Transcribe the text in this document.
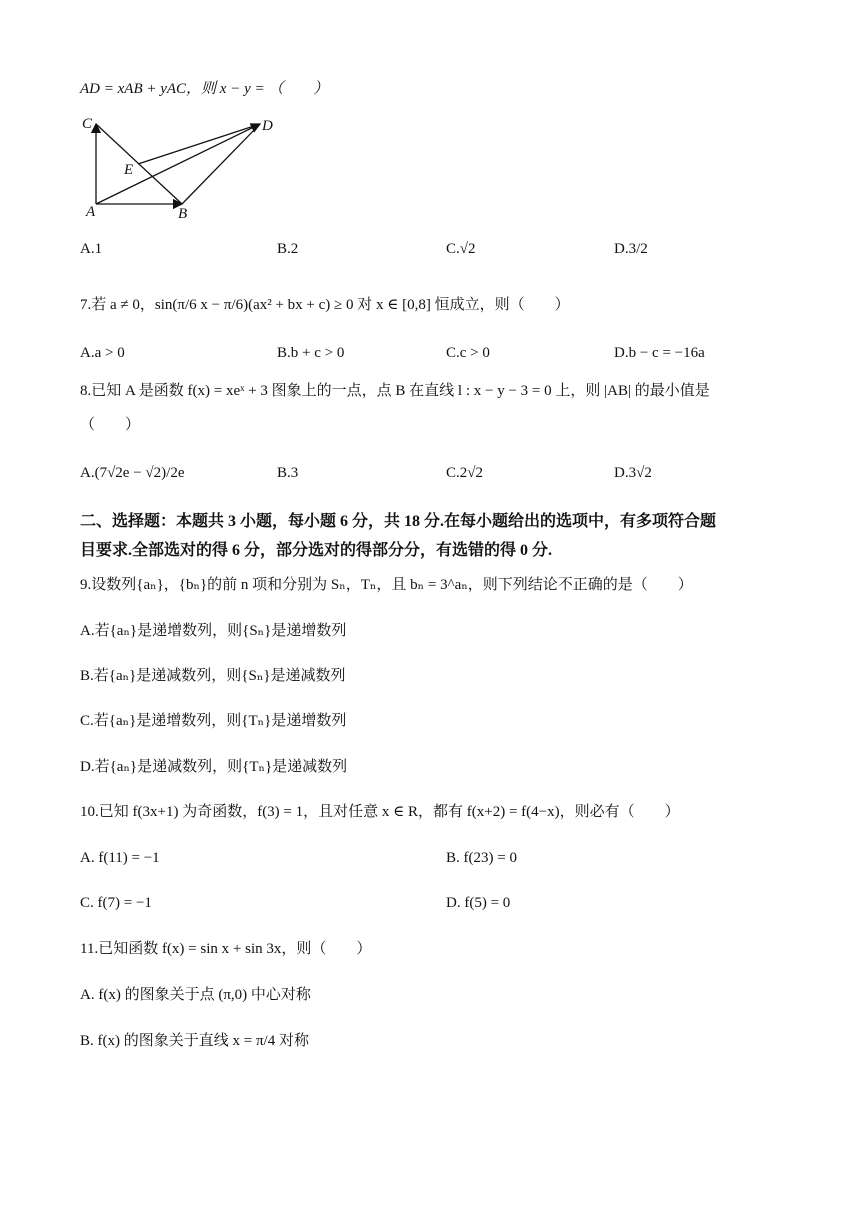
AD = xAB + yAC，则 x − y = （　　）
C	D
E
A	B
A.1	B.2	C.√2	D.3/2
7.若 a ≠ 0，sin(π/6 x − π/6)(ax² + bx + c) ≥ 0 对 x ∈ [0,8] 恒成立，则（　　）
A.a > 0	B.b + c > 0	C.c > 0	D.b − c = −16a
8.已知 A 是函数 f(x) = xeˣ + 3 图象上的一点，点 B 在直线 l : x − y − 3 = 0 上，则 |AB| 的最小值是
（　　）
A.(7√2e − √2)/2e	B.3	C.2√2	D.3√2
二、选择题：本题共 3 小题，每小题 6 分，共 18 分.在每小题给出的选项中，有多项符合题
目要求.全部选对的得 6 分，部分选对的得部分分，有选错的得 0 分.
9.设数列{aₙ}，{bₙ}的前 n 项和分别为 Sₙ，Tₙ，且 bₙ = 3^aₙ，则下列结论不正确的是（　　）
A.若{aₙ}是递增数列，则{Sₙ}是递增数列
B.若{aₙ}是递减数列，则{Sₙ}是递减数列
C.若{aₙ}是递增数列，则{Tₙ}是递增数列
D.若{aₙ}是递减数列，则{Tₙ}是递减数列
10.已知 f(3x+1) 为奇函数，f(3) = 1，且对任意 x ∈ R，都有 f(x+2) = f(4−x)，则必有（　　）
A. f(11) = −1	B. f(23) = 0
C. f(7) = −1	D. f(5) = 0
11.已知函数 f(x) = sin x + sin 3x，则（　　）
A. f(x) 的图象关于点 (π,0) 中心对称
B. f(x) 的图象关于直线 x = π/4 对称
